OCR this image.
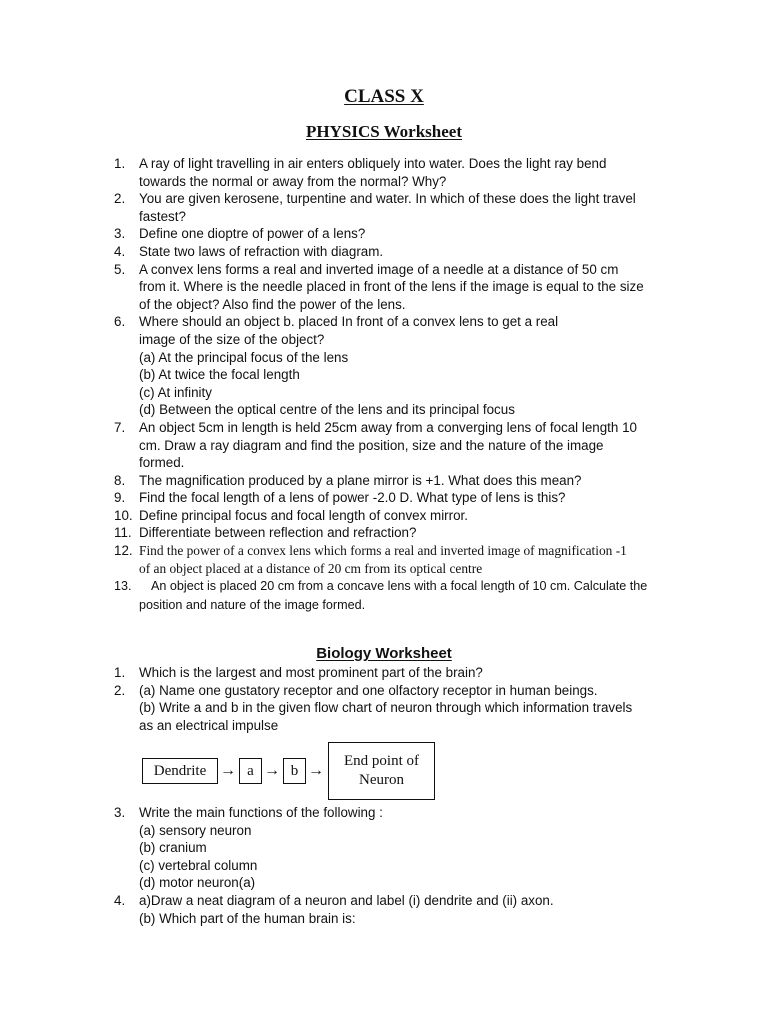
CLASS X
PHYSICS Worksheet
1. A ray of light travelling in air enters obliquely into water. Does the light ray bend
towards the normal or away from the normal? Why?
2. You are given kerosene, turpentine and water. In which of these does the light travel
fastest?
3. Define one dioptre of power of a lens?
4. State two laws of refraction with diagram.
5. A convex lens forms a real and inverted image of a needle at a distance of 50 cm
from it. Where is the needle placed in front of the lens if the image is equal to the size
of the object? Also find the power of the lens.
6. Where should an object b. placed In front of a convex lens to get a real
image of the size of the object?
(a) At the principal focus of the lens
(b) At twice the focal length
(c) At infinity
(d) Between the optical centre of the lens and its principal focus
7. An object 5cm in length is held 25cm away from a converging lens of focal length 10
cm. Draw a ray diagram and find the position, size and the nature of the image
formed.
8. The magnification produced by a plane mirror is +1. What does this mean?
9. Find the focal length of a lens of power -2.0 D. What type of lens is this?
10. Define principal focus and focal length of convex mirror.
11. Differentiate between reflection and refraction?
12. Find the power of a convex lens which forms a real and inverted image of magnification -1
of an object placed at a distance of 20 cm from its optical centre
13.	An object is placed 20 cm from a concave lens with a focal length of 10 cm. Calculate the
position and nature of the image formed.
Biology Worksheet
1. Which is the largest and most prominent part of the brain?
2. (a) Name one gustatory receptor and one olfactory receptor in human beings.
(b) Write a and b in the given flow chart of neuron through which information travels
as an electrical impulse
Dendrite → a → b →
End point of
Neuron
3. Write the main functions of the following :
(a) sensory neuron
(b) cranium
(c) vertebral column
(d) motor neuron(a)
4. a)Draw a neat diagram of a neuron and label (i) dendrite and (ii) axon.
(b) Which part of the human brain is:
